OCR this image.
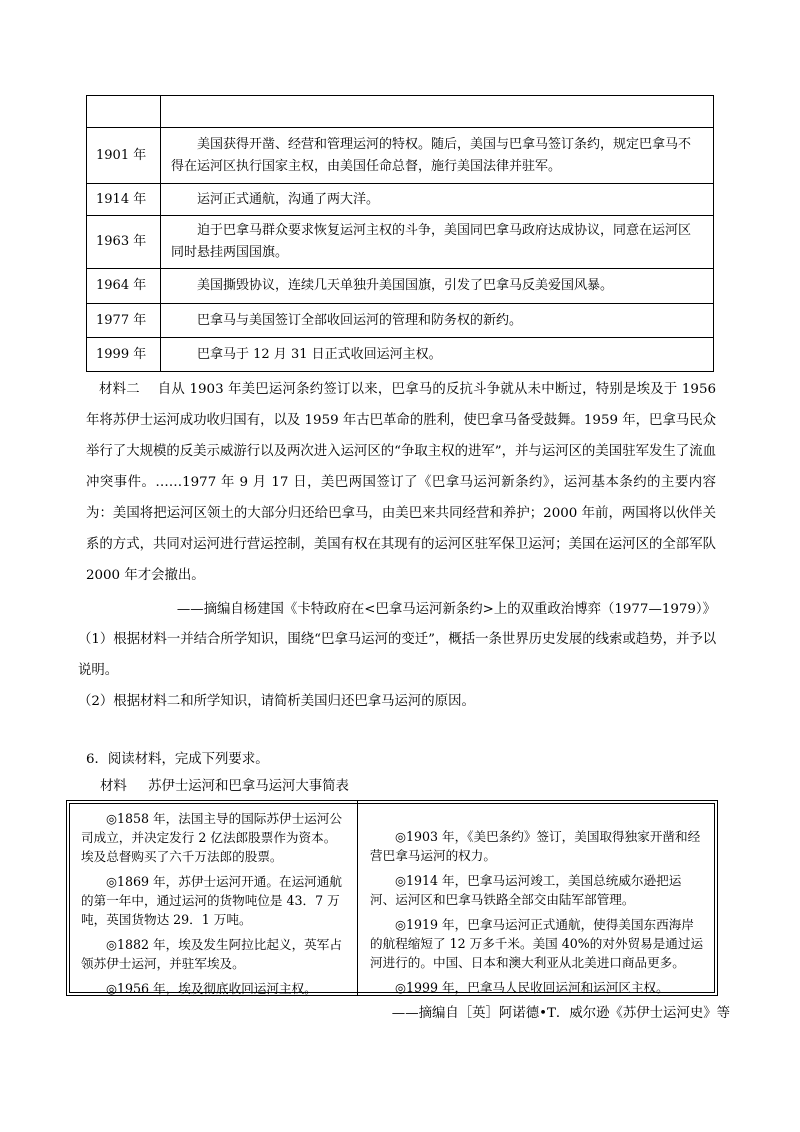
1901 年	美国获得开凿、经营和管理运河的特权。随后，美国与巴拿马签订条约，规定巴拿马不得在运河区执行国家主权，由美国任命总督，施行美国法律并驻军。
1914 年	运河正式通航，沟通了两大洋。
1963 年	迫于巴拿马群众要求恢复运河主权的斗争，美国同巴拿马政府达成协议，同意在运河区同时悬挂两国国旗。
1964 年	美国撕毁协议，连续几天单独升美国国旗，引发了巴拿马反美爱国风暴。
1977 年	巴拿马与美国签订全部收回运河的管理和防务权的新约。
1999 年	巴拿马于 12 月 31 日正式收回运河主权。
材料二 自从 1903 年美巴运河条约签订以来，巴拿马的反抗斗争就从未中断过，特别是埃及于 1956 年将苏伊士运河成功收归国有，以及 1959 年古巴革命的胜利，使巴拿马备受鼓舞。1959 年，巴拿马民众举行了大规模的反美示威游行以及两次进入运河区的“争取主权的进军”，并与运河区的美国驻军发生了流血冲突事件。……1977 年 9 月 17 日，美巴两国签订了《巴拿马运河新条约》，运河基本条约的主要内容为：美国将把运河区领土的大部分归还给巴拿马，由美巴来共同经营和养护；2000 年前，两国将以伙伴关系的方式，共同对运河进行营运控制，美国有权在其现有的运河区驻军保卫运河；美国在运河区的全部军队 2000 年才会撤出。
——摘编自杨建国《卡特政府在<巴拿马运河新条约>上的双重政治博弈（1977—1979）》
（1）根据材料一并结合所学知识，围绕“巴拿马运河的变迁”，概括一条世界历史发展的线索或趋势，并予以说明。
（2）根据材料二和所学知识，请简析美国归还巴拿马运河的原因。
6．阅读材料，完成下列要求。
材料 苏伊士运河和巴拿马运河大事简表

◎1858 年，法国主导的国际苏伊士运河公司成立，并决定发行 2 亿法郎股票作为资本。埃及总督购买了六千万法郎的股票。

◎1869 年，苏伊士运河开通。在运河通航的第一年中，通过运河的货物吨位是 43．7 万吨，英国货物达 29．1 万吨。

◎1882 年，埃及发生阿拉比起义，英军占领苏伊士运河，并驻军埃及。

◎1956 年，埃及彻底收回运河主权。

◎1903 年，《美巴条约》签订，美国取得独家开凿和经营巴拿马运河的权力。

◎1914 年，巴拿马运河竣工，美国总统威尔逊把运河、运河区和巴拿马铁路全部交由陆军部管理。

◎1919 年，巴拿马运河正式通航，使得美国东西海岸的航程缩短了 12 万多千米。美国 40%的对外贸易是通过运河进行的。中国、日本和澳大利亚从北美进口商品更多。

◎1999 年，巴拿马人民收回运河和运河区主权。

——摘编自［英］阿诺德•T．威尔逊《苏伊士运河史》等
